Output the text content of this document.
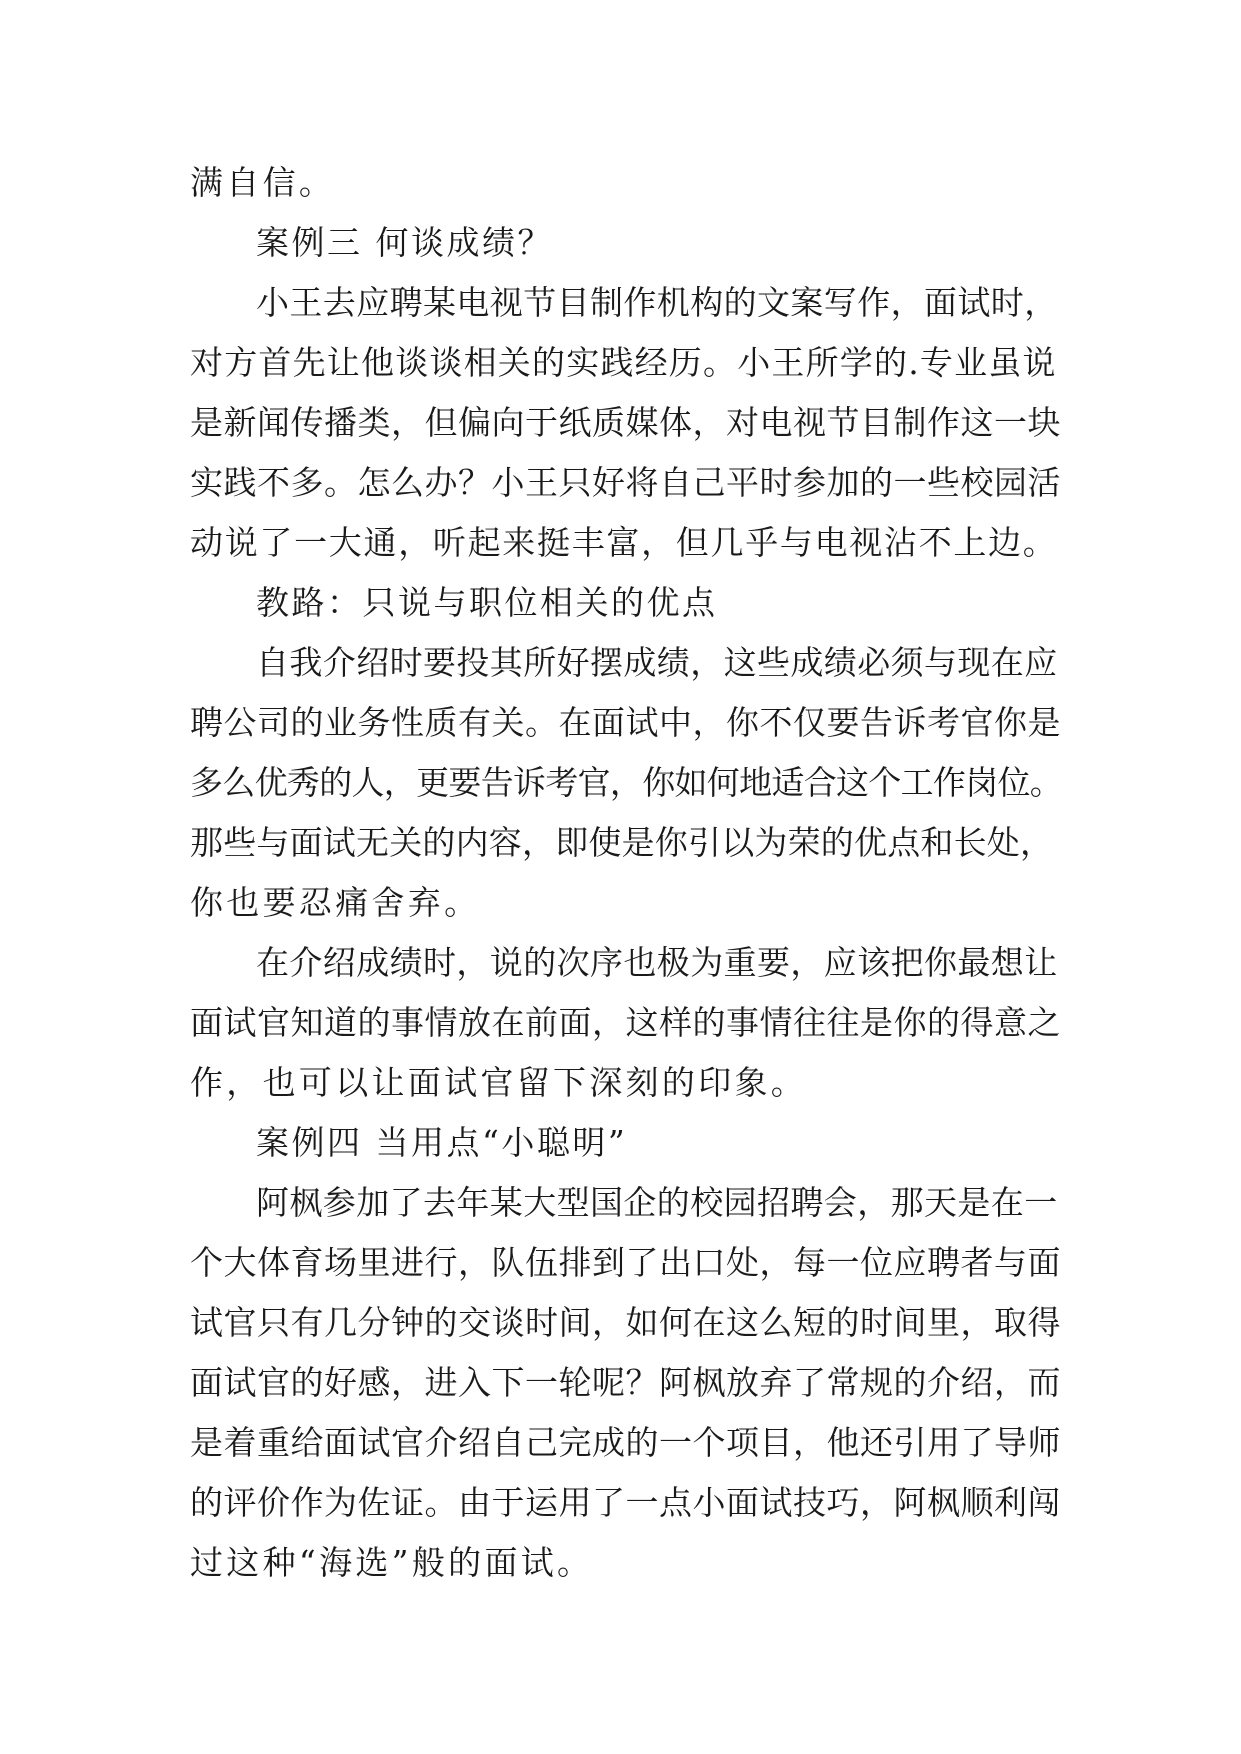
满自信。

案例三 何谈成绩？

小王去应聘某电视节目制作机构的文案写作，面试时，

对方首先让他谈谈相关的实践经历。小王所学的.专业虽说

是新闻传播类，但偏向于纸质媒体，对电视节目制作这一块

实践不多。怎么办？小王只好将自己平时参加的一些校园活

动说了一大通，听起来挺丰富，但几乎与电视沾不上边。

教路：只说与职位相关的优点

自我介绍时要投其所好摆成绩，这些成绩必须与现在应

聘公司的业务性质有关。在面试中，你不仅要告诉考官你是

多么优秀的人，更要告诉考官，你如何地适合这个工作岗位。

那些与面试无关的内容，即使是你引以为荣的优点和长处，

你也要忍痛舍弃。

在介绍成绩时，说的次序也极为重要，应该把你最想让

面试官知道的事情放在前面，这样的事情往往是你的得意之

作，也可以让面试官留下深刻的印象。

案例四 当用点“小聪明”

阿枫参加了去年某大型国企的校园招聘会，那天是在一

个大体育场里进行，队伍排到了出口处，每一位应聘者与面

试官只有几分钟的交谈时间，如何在这么短的时间里，取得

面试官的好感，进入下一轮呢？阿枫放弃了常规的介绍，而

是着重给面试官介绍自己完成的一个项目，他还引用了导师

的评价作为佐证。由于运用了一点小面试技巧，阿枫顺利闯

过这种“海选”般的面试。
